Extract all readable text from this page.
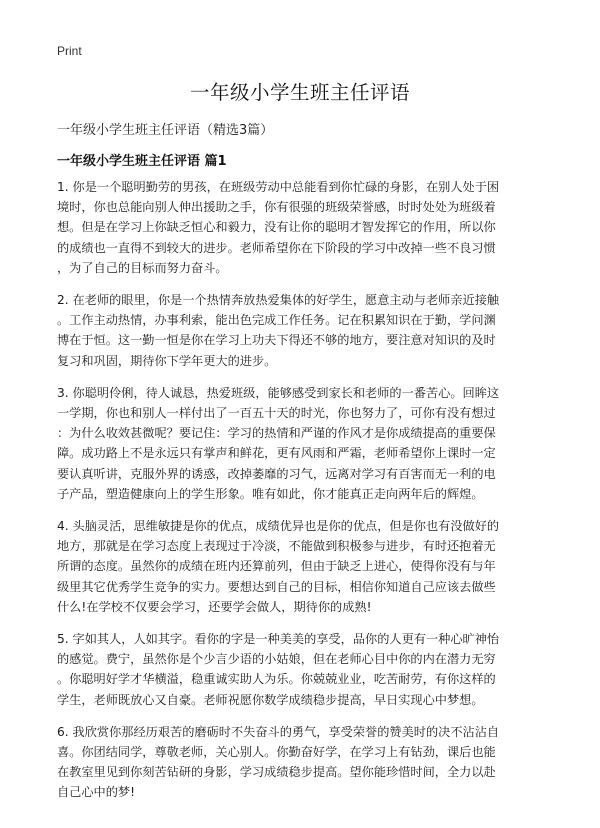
Print
一年级小学生班主任评语
一年级小学生班主任评语（精选3篇）
一年级小学生班主任评语 篇1

1. 你是一个聪明勤劳的男孩，在班级劳动中总能看到你忙碌的身影，在别人处于困
境时，你也总能向别人伸出援助之手，你有很强的班级荣誉感，时时处处为班级着
想。但是在学习上你缺乏恒心和毅力，没有让你的聪明才智发挥它的作用，所以你
的成绩也一直得不到较大的进步。老师希望你在下阶段的学习中改掉一些不良习惯
，为了自己的目标而努力奋斗。

2. 在老师的眼里，你是一个热情奔放热爱集体的好学生，愿意主动与老师亲近接触
。工作主动热情，办事利索，能出色完成工作任务。记在积累知识在于勤，学问渊
博在于恒。这一勤一恒是你在学习上功夫下得还不够的地方，要注意对知识的及时
复习和巩固，期待你下学年更大的进步。

3. 你聪明伶俐，待人诚恳，热爱班级，能够感受到家长和老师的一番苦心。回眸这
一学期，你也和别人一样付出了一百五十天的时光，你也努力了，可你有没有想过
：为什么收效甚微呢？要记住：学习的热情和严谨的作风才是你成绩提高的重要保
障。成功路上不是永远只有掌声和鲜花，更有风雨和严霜，老师希望你上课时一定
要认真听讲，克服外界的诱惑，改掉萎靡的习气，远离对学习有百害而无一利的电
子产品，塑造健康向上的学生形象。唯有如此，你才能真正走向两年后的辉煌。

4. 头脑灵活，思维敏捷是你的优点，成绩优异也是你的优点，但是你也有没做好的
地方，那就是在学习态度上表现过于冷淡，不能做到积极参与进步，有时还抱着无
所谓的态度。虽然你的成绩在班内还算前列，但由于缺乏上进心，使得你没有与年
级里其它优秀学生竞争的实力。要想达到自己的目标，相信你知道自己应该去做些
什么!在学校不仅要会学习，还要学会做人，期待你的成熟!

5. 字如其人，人如其字。看你的字是一种美美的享受，品你的人更有一种心旷神怡
的感觉。费宁，虽然你是个少言少语的小姑娘，但在老师心目中你的内在潜力无穷
。你聪明好学才华横溢，稳重诚实助人为乐。你兢兢业业，吃苦耐劳，有你这样的
学生，老师既放心又自豪。老师祝愿你数学成绩稳步提高，早日实现心中梦想。

6. 我欣赏你那经历艰苦的磨砺时不失奋斗的勇气，享受荣誉的赞美时的决不沾沾自
喜。你团结同学，尊敬老师，关心别人。你勤奋好学，在学习上有钻劲，课后也能
在教室里见到你刻苦钻研的身影，学习成绩稳步提高。望你能珍惜时间，全力以赴
自己心中的梦!
